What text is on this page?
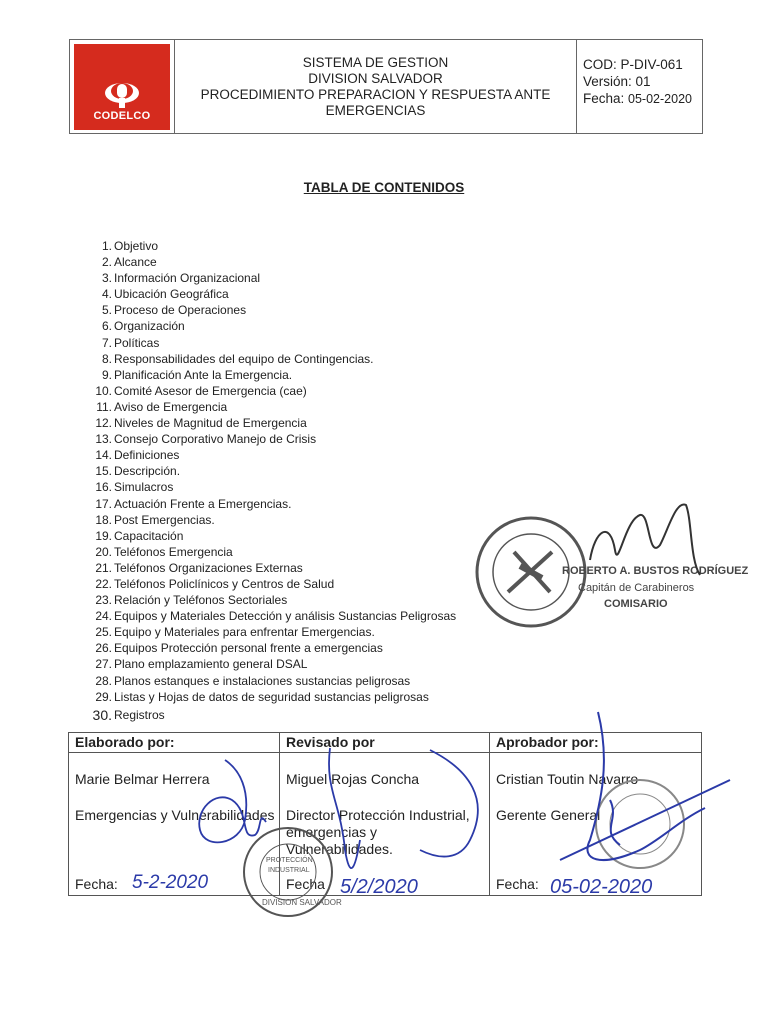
CODELCO
SISTEMA DE GESTION
DIVISION SALVADOR
PROCEDIMIENTO PREPARACION Y RESPUESTA ANTE
EMERGENCIAS
COD: P-DIV-061
Versión: 01
Fecha: 05-02-2020
TABLA DE CONTENIDOS
1. Objetivo
2. Alcance
3. Información Organizacional
4. Ubicación Geográfica
5. Proceso de Operaciones
6. Organización
7. Políticas
8. Responsabilidades del equipo de Contingencias.
9. Planificación Ante la Emergencia.
10. Comité Asesor de Emergencia (cae)
11. Aviso de Emergencia
12. Niveles de Magnitud de Emergencia
13. Consejo Corporativo Manejo de Crisis
14. Definiciones
15. Descripción.
16. Simulacros
17. Actuación Frente a Emergencias.
18. Post Emergencias.
19. Capacitación
20. Teléfonos Emergencia
21. Teléfonos Organizaciones Externas
22. Teléfonos Policlínicos y Centros de Salud
23. Relación y Teléfonos Sectoriales
24. Equipos y Materiales Detección y análisis Sustancias Peligrosas
25. Equipo y Materiales para enfrentar Emergencias.
26. Equipos Protección personal frente a emergencias
27. Plano emplazamiento general DSAL
28. Planos estanques e instalaciones sustancias peligrosas
29. Listas y Hojas de datos de seguridad sustancias peligrosas
30. Registros
Elaborado por:
Marie Belmar Herrera
Emergencias y Vulnerabilidades
Fecha:
Revisado por
Miguel Rojas Concha
Director Protección Industrial, emergencias y Vulnerabilidades.
Fecha
Aprobador por:
Cristian Toutin Navarro
Gerente General
Fecha:
ROBERTO A. BUSTOS RODRÍGUEZ
Capitán de Carabineros
COMISARIO
DIVISION SALVADOR
PROTECCIÓN
INDUSTRIAL
5-2-2020	5/2/2020	05-02-2020
